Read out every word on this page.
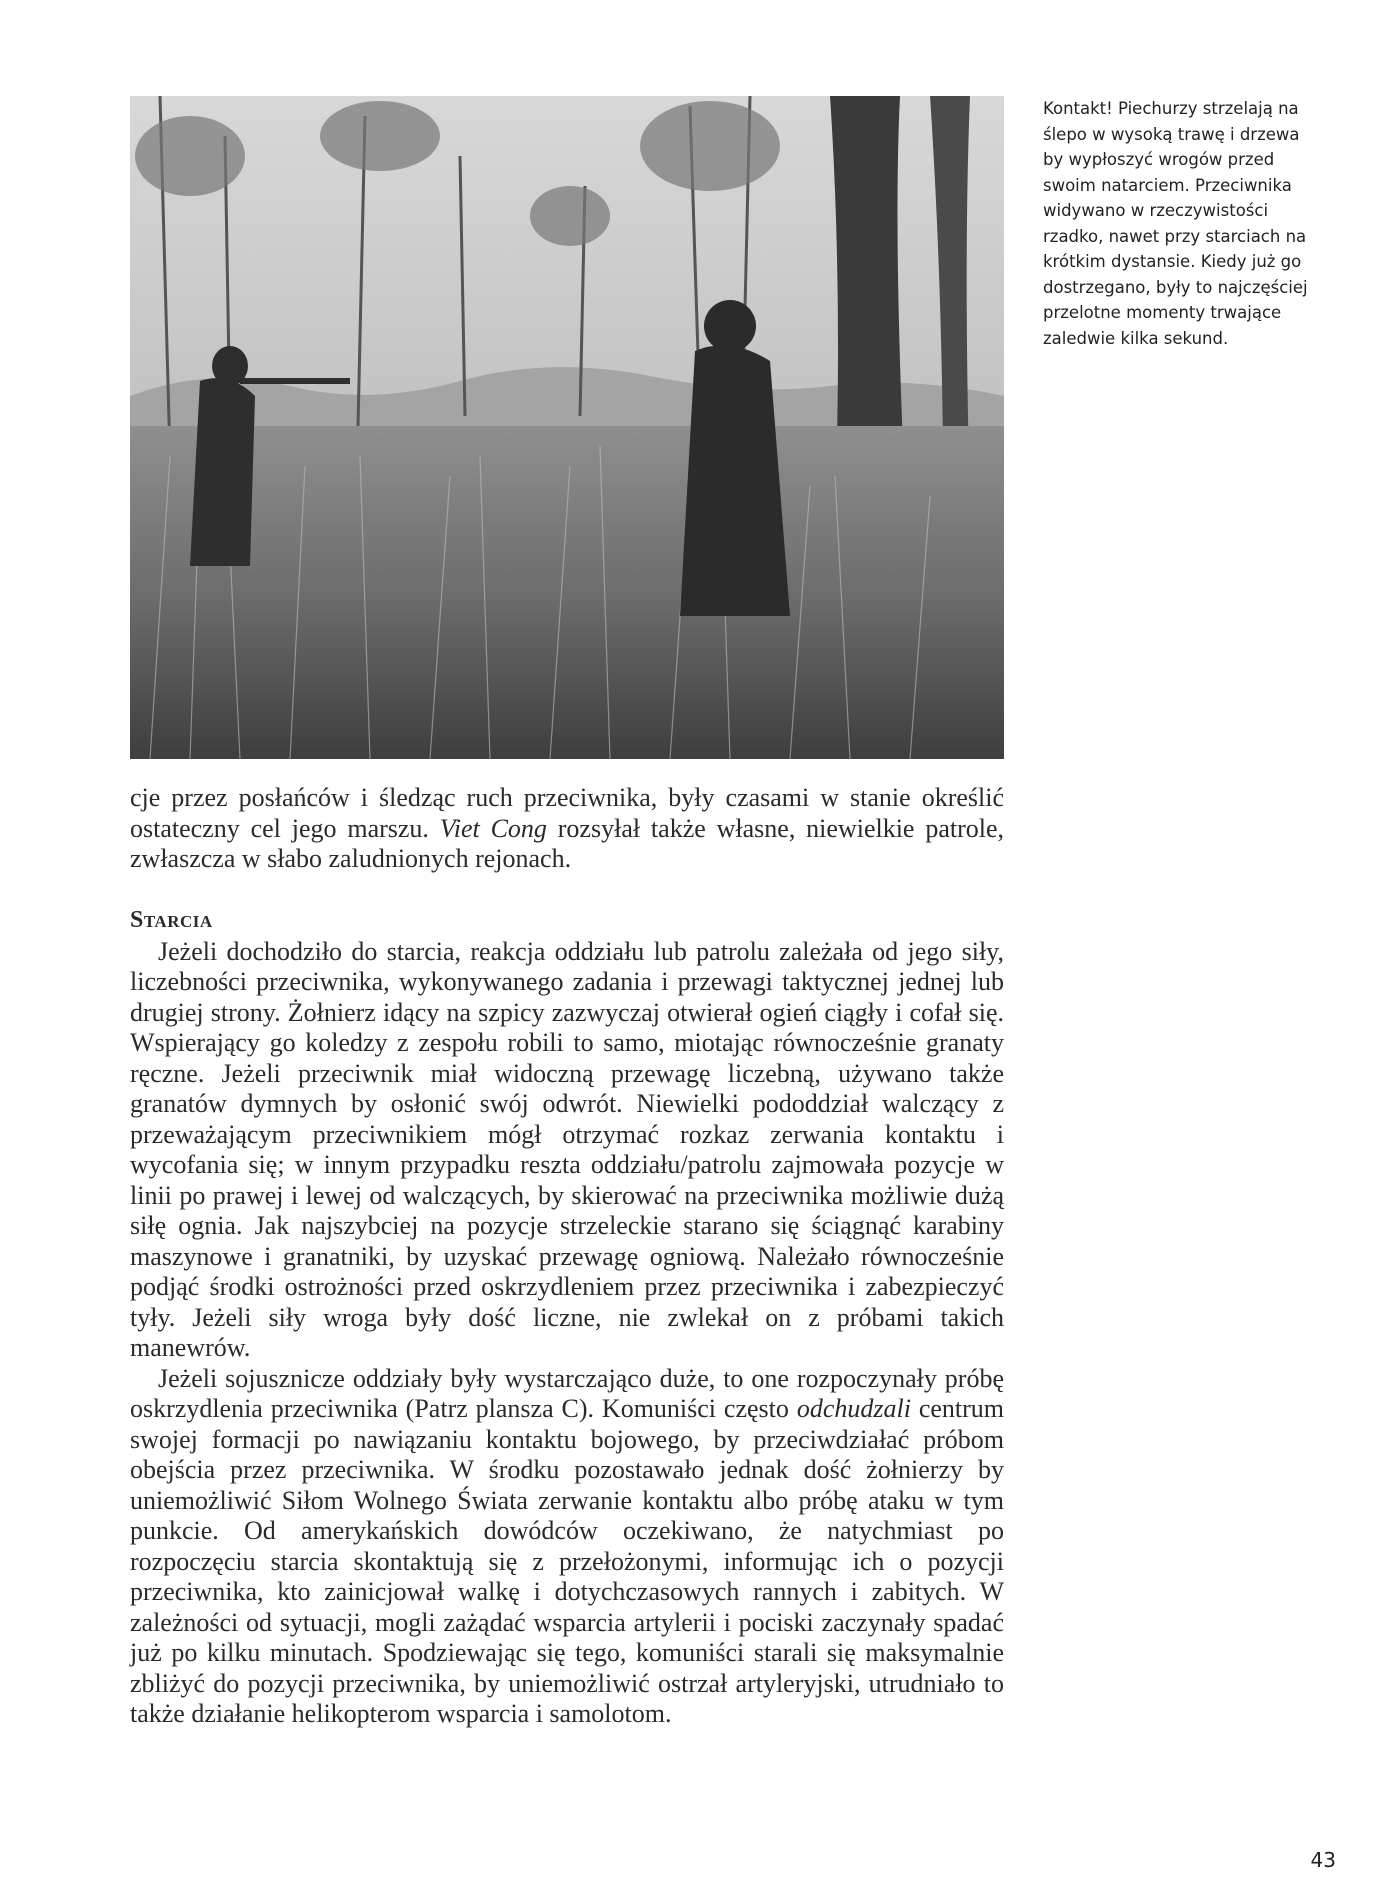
Kontakt! Piechurzy strzelają na
ślepo w wysoką trawę i drzewa
by wypłoszyć wrogów przed
swoim natarciem. Przeciwnika
widywano w rzeczywistości
rzadko, nawet przy starciach na
krótkim dystansie. Kiedy już go
dostrzegano, były to najczęściej
przelotne momenty trwające
zaledwie kilka sekund.

cje przez posłańców i śledząc ruch przeciwnika, były czasami w stanie określić ostateczny cel jego marszu. Viet Cong rozsyłał także własne, niewielkie patrole, zwłaszcza w słabo zaludnionych rejonach.

Starcia

Jeżeli dochodziło do starcia, reakcja oddziału lub patrolu zależała od jego siły, liczebności przeciwnika, wykonywanego zadania i przewagi taktycznej jednej lub drugiej strony. Żołnierz idący na szpicy zazwyczaj otwierał ogień ciągły i cofał się. Wspierający go koledzy z zespołu robili to samo, miotając równocześnie granaty ręczne. Jeżeli przeciwnik miał widoczną przewagę liczebną, używano także granatów dymnych by osłonić swój odwrót. Niewielki pododdział walczący z przeważającym przeciwnikiem mógł otrzymać rozkaz zerwania kontaktu i wycofania się; w innym przypadku reszta oddziału/patrolu zajmowała pozycje w linii po prawej i lewej od walczących, by skierować na przeciwnika możliwie dużą siłę ognia. Jak najszybciej na pozycje strzeleckie starano się ściągnąć karabiny maszynowe i granatniki, by uzyskać przewagę ogniową. Należało równocześnie podjąć środki ostrożności przed oskrzydleniem przez przeciwnika i zabezpieczyć tyły. Jeżeli siły wroga były dość liczne, nie zwlekał on z próbami takich manewrów.

Jeżeli sojusznicze oddziały były wystarczająco duże, to one rozpoczynały próbę oskrzydlenia przeciwnika (Patrz plansza C). Komuniści często odchudzali centrum swojej formacji po nawiązaniu kontaktu bojowego, by przeciwdziałać próbom obejścia przez przeciwnika. W środku pozostawało jednak dość żołnierzy by uniemożliwić Siłom Wolnego Świata zerwanie kontaktu albo próbę ataku w tym punkcie. Od amerykańskich dowódców oczekiwano, że natychmiast po rozpoczęciu starcia skontaktują się z przełożonymi, informując ich o pozycji przeciwnika, kto zainicjował walkę i dotychczasowych rannych i zabitych. W zależności od sytuacji, mogli zażądać wsparcia artylerii i pociski zaczynały spadać już po kilku minutach. Spodziewając się tego, komuniści starali się maksymalnie zbliżyć do pozycji przeciwnika, by uniemożliwić ostrzał artyleryjski, utrudniało to także działanie helikopterom wsparcia i samolotom.

43
